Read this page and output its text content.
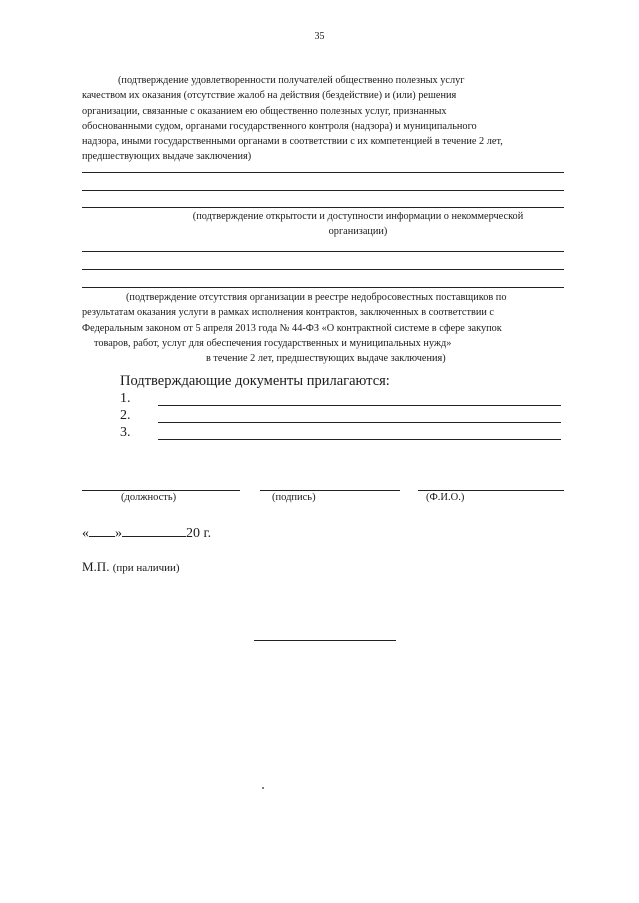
35
(подтверждение удовлетворенности получателей общественно полезных услуг
качеством их оказания (отсутствие жалоб на действия (бездействие) и (или) решения
организации, связанные с оказанием ею общественно полезных услуг, признанных
обоснованными судом, органами государственного контроля (надзора) и муниципального
надзора, иными государственными органами в соответствии с их компетенцией в течение 2 лет,
предшествующих выдаче заключения)
(подтверждение открытости и доступности информации о некоммерческой
организации)
(подтверждение отсутствия организации в реестре недобросовестных поставщиков по
результатам оказания услуги в рамках исполнения контрактов, заключенных в соответствии с
Федеральным законом от 5 апреля 2013 года № 44-ФЗ «О контрактной системе в сфере закупок
товаров, работ, услуг для обеспечения государственных и муниципальных нужд»
в течение 2 лет, предшествующих выдаче заключения)
Подтверждающие документы прилагаются:
1.
2.
3.
(должность)	(подпись)	(Ф.И.О.)
« »	20 г.
М.П. (при наличии)
